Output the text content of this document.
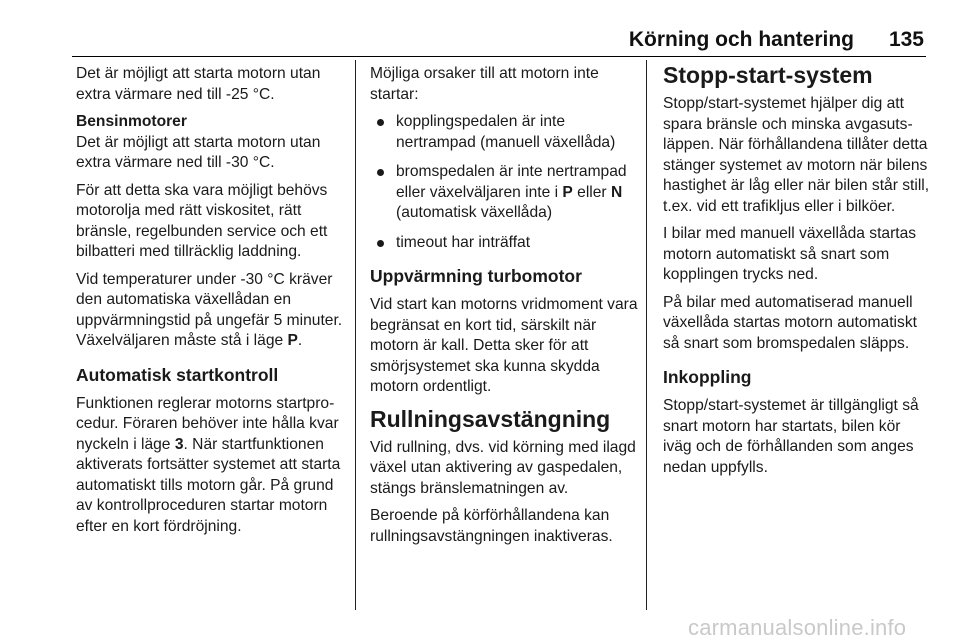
Körning och hantering 135

Det är möjligt att starta motorn utan extra värmare ned till -25 °C.

Bensinmotorer

Det är möjligt att starta motorn utan extra värmare ned till -30 °C.

För att detta ska vara möjligt behövs motorolja med rätt viskositet, rätt bränsle, regelbunden service och ett bilbatteri med tillräcklig laddning.

Vid temperaturer under -30 °C kräver den automatiska växellådan en uppvärmningstid på ungefär 5 minuter. Växelväljaren måste stå i läge P.

Automatisk startkontroll

Funktionen reglerar motorns startprocedur. Föraren behöver inte hålla kvar nyckeln i läge 3. När startfunktionen aktiverats fortsätter systemet att starta automatiskt tills motorn går. På grund av kontrollproceduren startar motorn efter en kort fördröjning.

Möjliga orsaker till att motorn inte startar:

kopplingspedalen är inte nertrampad (manuell växellåda)
bromspedalen är inte nertrampad eller växelväljaren inte i P eller N (automatisk växellåda)
timeout har inträffat
Uppvärmning turbomotor

Vid start kan motorns vridmoment vara begränsat en kort tid, särskilt när motorn är kall. Detta sker för att smörjsystemet ska kunna skydda motorn ordentligt.

Rullningsavstängning

Vid rullning, dvs. vid körning med ilagd växel utan aktivering av gaspedalen, stängs bränslematningen av.

Beroende på körförhållandena kan rullningsavstängningen inaktiveras.

Stopp-start-system

Stopp/start-systemet hjälper dig att spara bränsle och minska avgasutsläppen. När förhållandena tillåter detta stänger systemet av motorn när bilens hastighet är låg eller när bilen står still, t.ex. vid ett trafikljus eller i bilköer.

I bilar med manuell växellåda startas motorn automatiskt så snart som kopplingen trycks ned.

På bilar med automatiserad manuell växellåda startas motorn automatiskt så snart som bromspedalen släpps.

Inkoppling

Stopp/start-systemet är tillgängligt så snart motorn har startats, bilen kör iväg och de förhållanden som anges nedan uppfylls.

carmanualsonline.info
